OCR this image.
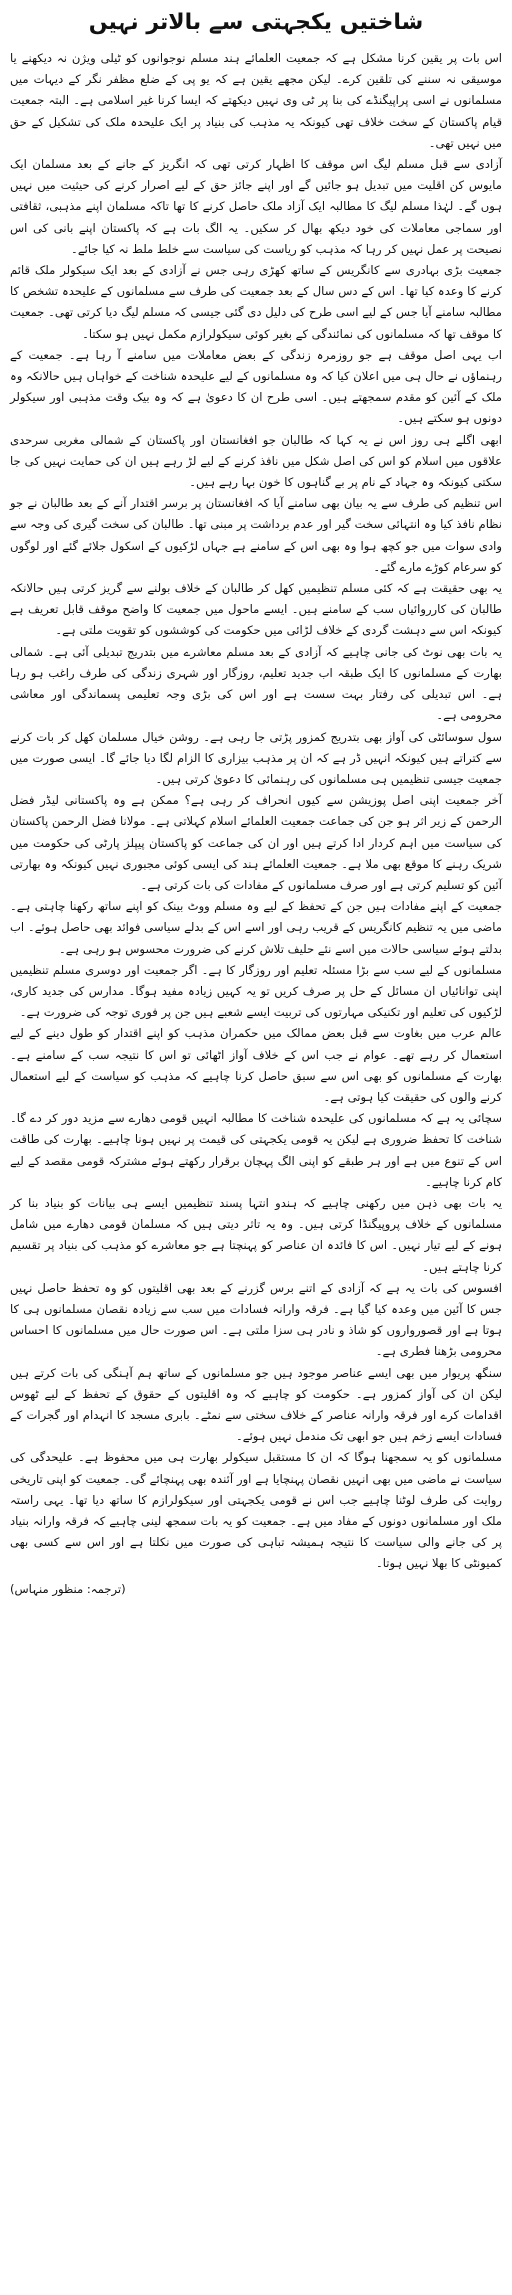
شاختیں یکجہتی سے بالاتر نہیں

اس بات پر یقین کرنا مشکل ہے کہ جمعیت العلمائے ہند مسلم نوجوانوں کو ٹیلی ویژن نہ دیکھنے یا موسیقی نہ سننے کی تلقین کرے۔ لیکن مجھے یقین ہے کہ یو پی کے ضلع مظفر نگر کے دیہات میں مسلمانوں نے اسی پراپیگنڈے کی بنا پر ٹی وی نہیں دیکھتے کہ ایسا کرنا غیر اسلامی ہے۔ البتہ جمعیت قیام پاکستان کے سخت خلاف تھی کیونکہ یہ مذہب کی بنیاد پر ایک علیحدہ ملک کی تشکیل کے حق میں نہیں تھی۔

آزادی سے قبل مسلم لیگ اس موقف کا اظہار کرتی تھی کہ انگریز کے جانے کے بعد مسلمان ایک مایوس کن اقلیت میں تبدیل ہو جائیں گے اور اپنے جائز حق کے لیے اصرار کرنے کی حیثیت میں نہیں ہوں گے۔ لہٰذا مسلم لیگ کا مطالبہ ایک آزاد ملک حاصل کرنے کا تھا تاکہ مسلمان اپنے مذہبی، ثقافتی اور سماجی معاملات کی خود دیکھ بھال کر سکیں۔ یہ الگ بات ہے کہ پاکستان اپنے بانی کی اس نصیحت پر عمل نہیں کر رہا کہ مذہب کو ریاست کی سیاست سے خلط ملط نہ کیا جائے۔

جمعیت بڑی بہادری سے کانگریس کے ساتھ کھڑی رہی جس نے آزادی کے بعد ایک سیکولر ملک قائم کرنے کا وعدہ کیا تھا۔ اس کے دس سال کے بعد جمعیت کی طرف سے مسلمانوں کے علیحدہ تشخص کا مطالبہ سامنے آیا جس کے لیے اسی طرح کی دلیل دی گئی جیسی کہ مسلم لیگ دیا کرتی تھی۔ جمعیت کا موقف تھا کہ مسلمانوں کی نمائندگی کے بغیر کوئی سیکولرازم مکمل نہیں ہو سکتا۔

اب یہی اصل موقف ہے جو روزمرہ زندگی کے بعض معاملات میں سامنے آ رہا ہے۔ جمعیت کے رہنماؤں نے حال ہی میں اعلان کیا کہ وہ مسلمانوں کے لیے علیحدہ شناخت کے خواہاں ہیں حالانکہ وہ ملک کے آئین کو مقدم سمجھتے ہیں۔ اسی طرح ان کا دعویٰ ہے کہ وہ بیک وقت مذہبی اور سیکولر دونوں ہو سکتے ہیں۔

ابھی اگلے ہی روز اس نے یہ کہا کہ طالبان جو افغانستان اور پاکستان کے شمالی مغربی سرحدی علاقوں میں اسلام کو اس کی اصل شکل میں نافذ کرنے کے لیے لڑ رہے ہیں ان کی حمایت نہیں کی جا سکتی کیونکہ وہ جہاد کے نام پر بے گناہوں کا خون بہا رہے ہیں۔

اس تنظیم کی طرف سے یہ بیان بھی سامنے آیا کہ افغانستان پر برسر اقتدار آنے کے بعد طالبان نے جو نظام نافذ کیا وہ انتہائی سخت گیر اور عدم برداشت پر مبنی تھا۔ طالبان کی سخت گیری کی وجہ سے وادی سوات میں جو کچھ ہوا وہ بھی اس کے سامنے ہے جہاں لڑکیوں کے اسکول جلائے گئے اور لوگوں کو سرعام کوڑے مارے گئے۔

یہ بھی حقیقت ہے کہ کئی مسلم تنظیمیں کھل کر طالبان کے خلاف بولنے سے گریز کرتی ہیں حالانکہ طالبان کی کارروائیاں سب کے سامنے ہیں۔ ایسے ماحول میں جمعیت کا واضح موقف قابل تعریف ہے کیونکہ اس سے دہشت گردی کے خلاف لڑائی میں حکومت کی کوششوں کو تقویت ملتی ہے۔

یہ بات بھی نوٹ کی جانی چاہیے کہ آزادی کے بعد مسلم معاشرے میں بتدریج تبدیلی آئی ہے۔ شمالی بھارت کے مسلمانوں کا ایک طبقہ اب جدید تعلیم، روزگار اور شہری زندگی کی طرف راغب ہو رہا ہے۔ اس تبدیلی کی رفتار بہت سست ہے اور اس کی بڑی وجہ تعلیمی پسماندگی اور معاشی محرومی ہے۔

سول سوسائٹی کی آواز بھی بتدریج کمزور پڑتی جا رہی ہے۔ روشن خیال مسلمان کھل کر بات کرنے سے کتراتے ہیں کیونکہ انہیں ڈر ہے کہ ان پر مذہب بیزاری کا الزام لگا دیا جائے گا۔ ایسی صورت میں جمعیت جیسی تنظیمیں ہی مسلمانوں کی رہنمائی کا دعویٰ کرتی ہیں۔

آخر جمعیت اپنی اصل پوزیشن سے کیوں انحراف کر رہی ہے؟ ممکن ہے وہ پاکستانی لیڈر فضل الرحمن کے زیر اثر ہو جن کی جماعت جمعیت العلمائے اسلام کہلاتی ہے۔ مولانا فضل الرحمن پاکستان کی سیاست میں اہم کردار ادا کرتے ہیں اور ان کی جماعت کو پاکستان پیپلز پارٹی کی حکومت میں شریک رہنے کا موقع بھی ملا ہے۔ جمعیت العلمائے ہند کی ایسی کوئی مجبوری نہیں کیونکہ وہ بھارتی آئین کو تسلیم کرتی ہے اور صرف مسلمانوں کے مفادات کی بات کرتی ہے۔

جمعیت کے اپنے مفادات ہیں جن کے تحفظ کے لیے وہ مسلم ووٹ بینک کو اپنے ساتھ رکھنا چاہتی ہے۔ ماضی میں یہ تنظیم کانگریس کے قریب رہی اور اسے اس کے بدلے سیاسی فوائد بھی حاصل ہوئے۔ اب بدلتے ہوئے سیاسی حالات میں اسے نئے حلیف تلاش کرنے کی ضرورت محسوس ہو رہی ہے۔

مسلمانوں کے لیے سب سے بڑا مسئلہ تعلیم اور روزگار کا ہے۔ اگر جمعیت اور دوسری مسلم تنظیمیں اپنی توانائیاں ان مسائل کے حل پر صرف کریں تو یہ کہیں زیادہ مفید ہوگا۔ مدارس کی جدید کاری، لڑکیوں کی تعلیم اور تکنیکی مہارتوں کی تربیت ایسے شعبے ہیں جن پر فوری توجہ کی ضرورت ہے۔

عالم عرب میں بغاوت سے قبل بعض ممالک میں حکمران مذہب کو اپنے اقتدار کو طول دینے کے لیے استعمال کر رہے تھے۔ عوام نے جب اس کے خلاف آواز اٹھائی تو اس کا نتیجہ سب کے سامنے ہے۔ بھارت کے مسلمانوں کو بھی اس سے سبق حاصل کرنا چاہیے کہ مذہب کو سیاست کے لیے استعمال کرنے والوں کی حقیقت کیا ہوتی ہے۔

سچائی یہ ہے کہ مسلمانوں کی علیحدہ شناخت کا مطالبہ انہیں قومی دھارے سے مزید دور کر دے گا۔ شناخت کا تحفظ ضروری ہے لیکن یہ قومی یکجہتی کی قیمت پر نہیں ہونا چاہیے۔ بھارت کی طاقت اس کے تنوع میں ہے اور ہر طبقے کو اپنی الگ پہچان برقرار رکھتے ہوئے مشترکہ قومی مقصد کے لیے کام کرنا چاہیے۔

یہ بات بھی ذہن میں رکھنی چاہیے کہ ہندو انتہا پسند تنظیمیں ایسے ہی بیانات کو بنیاد بنا کر مسلمانوں کے خلاف پروپیگنڈا کرتی ہیں۔ وہ یہ تاثر دیتی ہیں کہ مسلمان قومی دھارے میں شامل ہونے کے لیے تیار نہیں۔ اس کا فائدہ ان عناصر کو پہنچتا ہے جو معاشرے کو مذہب کی بنیاد پر تقسیم کرنا چاہتے ہیں۔

افسوس کی بات یہ ہے کہ آزادی کے اتنے برس گزرنے کے بعد بھی اقلیتوں کو وہ تحفظ حاصل نہیں جس کا آئین میں وعدہ کیا گیا ہے۔ فرقہ وارانہ فسادات میں سب سے زیادہ نقصان مسلمانوں ہی کا ہوتا ہے اور قصورواروں کو شاذ و نادر ہی سزا ملتی ہے۔ اس صورت حال میں مسلمانوں کا احساس محرومی بڑھنا فطری ہے۔

سنگھ پریوار میں بھی ایسے عناصر موجود ہیں جو مسلمانوں کے ساتھ ہم آہنگی کی بات کرتے ہیں لیکن ان کی آواز کمزور ہے۔ حکومت کو چاہیے کہ وہ اقلیتوں کے حقوق کے تحفظ کے لیے ٹھوس اقدامات کرے اور فرقہ وارانہ عناصر کے خلاف سختی سے نمٹے۔ بابری مسجد کا انہدام اور گجرات کے فسادات ایسے زخم ہیں جو ابھی تک مندمل نہیں ہوئے۔

مسلمانوں کو یہ سمجھنا ہوگا کہ ان کا مستقبل سیکولر بھارت ہی میں محفوظ ہے۔ علیحدگی کی سیاست نے ماضی میں بھی انہیں نقصان پہنچایا ہے اور آئندہ بھی پہنچائے گی۔ جمعیت کو اپنی تاریخی روایت کی طرف لوٹنا چاہیے جب اس نے قومی یکجہتی اور سیکولرازم کا ساتھ دیا تھا۔ یہی راستہ ملک اور مسلمانوں دونوں کے مفاد میں ہے۔ جمعیت کو یہ بات سمجھ لینی چاہیے کہ فرقہ وارانہ بنیاد پر کی جانے والی سیاست کا نتیجہ ہمیشہ تباہی کی صورت میں نکلتا ہے اور اس سے کسی بھی کمیونٹی کا بھلا نہیں ہوتا۔

(ترجمہ: منظور منہاس)
